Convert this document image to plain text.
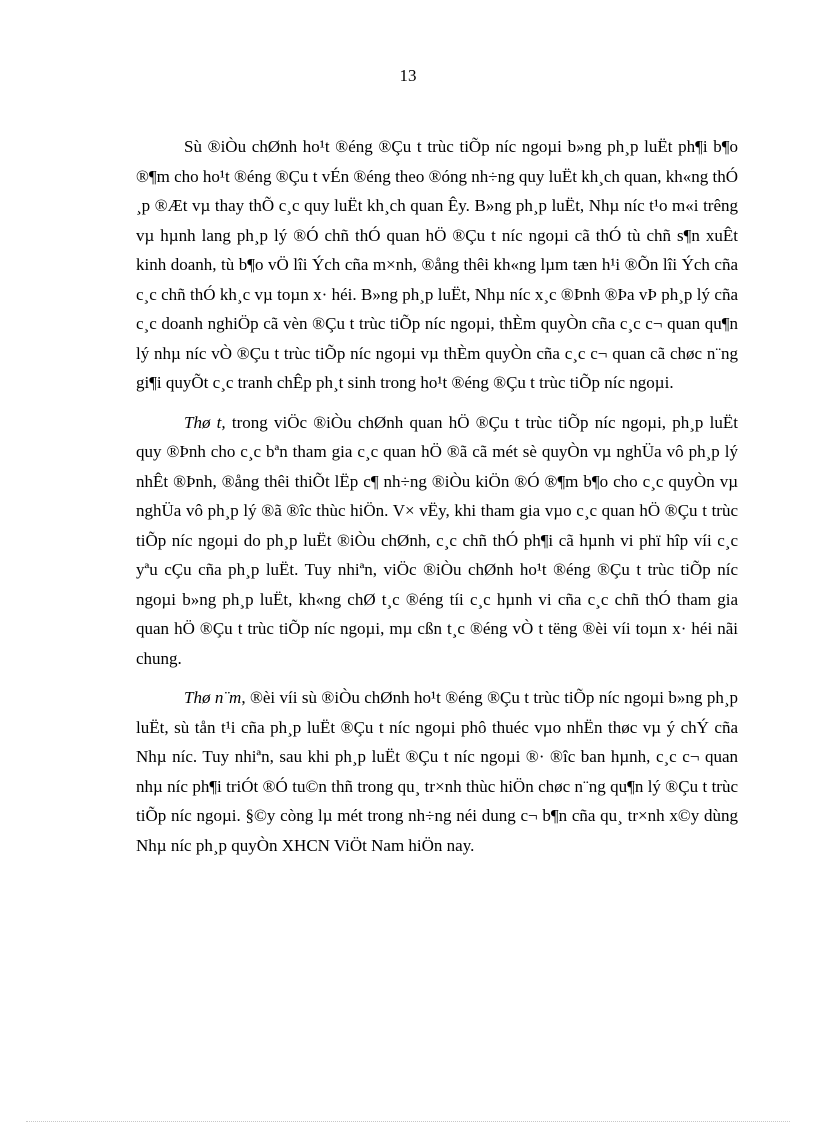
13

Sù ®iÒu chØnh ho¹t ®éng ®Çu t trùc tiÕp níc ngoµi b»ng ph¸p luËt ph¶i b¶o ®¶m cho ho¹t ®éng ®Çu t vÉn ®éng theo ®óng nh÷ng quy luËt kh¸ch quan, kh«ng thÓ ¸p ®Æt vµ thay thÕ c¸c quy luËt kh¸ch quan Êy. B»ng ph¸p luËt, Nhµ níc t¹o m«i trêng vµ hµnh lang ph¸p lý ®Ó chñ thÓ quan hÖ ®Çu t níc ngoµi cã thÓ tù chñ s¶n xuÊt kinh doanh, tù b¶o vÖ lîi Ých cña m×nh, ®ång thêi kh«ng lµm tæn h¹i ®Õn lîi Ých cña c¸c chñ thÓ kh¸c vµ toµn x· héi. B»ng ph¸p luËt, Nhµ níc x¸c ®Þnh ®Þa vÞ ph¸p lý cña c¸c doanh nghiÖp cã vèn ®Çu t trùc tiÕp níc ngoµi, thÈm quyÒn cña c¸c c¬ quan qu¶n lý nhµ níc vÒ ®Çu t trùc tiÕp níc ngoµi vµ thÈm quyÒn cña c¸c c¬ quan cã chøc n¨ng gi¶i quyÕt c¸c tranh chÊp ph¸t sinh trong ho¹t ®éng ®Çu t trùc tiÕp níc ngoµi.

Thø t, trong viÖc ®iÒu chØnh quan hÖ ®Çu t trùc tiÕp níc ngoµi, ph¸p luËt quy ®Þnh cho c¸c bªn tham gia c¸c quan hÖ ®ã cã mét sè quyÒn vµ nghÜa vô ph¸p lý nhÊt ®Þnh, ®ång thêi thiÕt lËp c¶ nh÷ng ®iÒu kiÖn ®Ó ®¶m b¶o cho c¸c quyÒn vµ nghÜa vô ph¸p lý ®ã ®îc thùc hiÖn. V× vËy, khi tham gia vµo c¸c quan hÖ ®Çu t trùc tiÕp níc ngoµi do ph¸p luËt ®iÒu chØnh, c¸c chñ thÓ ph¶i cã hµnh vi phï hîp víi c¸c yªu cÇu cña ph¸p luËt. Tuy nhiªn, viÖc ®iÒu chØnh ho¹t ®éng ®Çu t trùc tiÕp níc ngoµi b»ng ph¸p luËt, kh«ng chØ t¸c ®éng tíi c¸c hµnh vi cña c¸c chñ thÓ tham gia quan hÖ ®Çu t trùc tiÕp níc ngoµi, mµ cßn t¸c ®éng vÒ t tëng ®èi víi toµn x· héi nãi chung.

Thø n¨m, ®èi víi sù ®iÒu chØnh ho¹t ®éng ®Çu t trùc tiÕp níc ngoµi b»ng ph¸p luËt, sù tån t¹i cña ph¸p luËt ®Çu t níc ngoµi phô thuéc vµo nhËn thøc vµ ý chÝ cña Nhµ níc. Tuy nhiªn, sau khi ph¸p luËt ®Çu t níc ngoµi ®· ®îc ban hµnh, c¸c c¬ quan nhµ níc ph¶i triÓt ®Ó tu©n thñ trong qu¸ tr×nh thùc hiÖn chøc n¨ng qu¶n lý ®Çu t trùc tiÕp níc ngoµi. §©y còng lµ mét trong nh÷ng néi dung c¬ b¶n cña qu¸ tr×nh x©y dùng Nhµ níc ph¸p quyÒn XHCN ViÖt Nam hiÖn nay.
